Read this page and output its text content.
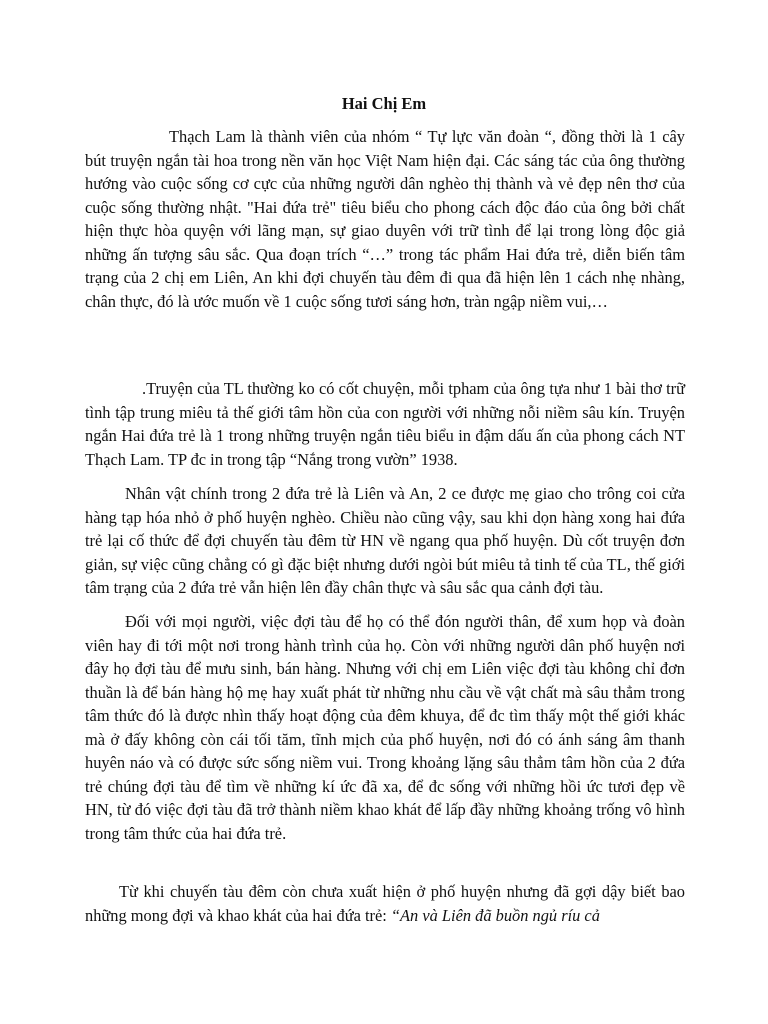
Hai Chị Em

Thạch Lam là thành viên của nhóm “ Tự lực văn đoàn “, đồng thời là 1 cây bút truyện ngắn tài hoa trong nền văn học Việt Nam hiện đại. Các sáng tác của ông thường hướng vào cuộc sống cơ cực của những người dân nghèo thị thành và vẻ đẹp nên thơ của cuộc sống thường nhật. "Hai đứa trẻ" tiêu biểu cho phong cách độc đáo của ông bởi chất hiện thực hòa quyện với lãng mạn, sự giao duyên với trữ tình để lại trong lòng độc giả những ấn tượng sâu sắc. Qua đoạn trích “…” trong tác phẩm Hai đứa trẻ, diễn biến tâm trạng của 2 chị em Liên, An khi đợi chuyến tàu đêm đi qua đã hiện lên 1 cách nhẹ nhàng, chân thực, đó là ước muốn về 1 cuộc sống tươi sáng hơn, tràn ngập niềm vui,…

.Truyện của TL thường ko có cốt chuyện, mỗi tpham của ông tựa như 1 bài thơ trữ tình tập trung miêu tả thế giới tâm hồn của con người với những nỗi niềm sâu kín. Truyện ngắn Hai đứa trẻ là 1 trong những truyện ngắn tiêu biểu in đậm dấu ấn của phong cách NT Thạch Lam. TP đc in trong tập “Nắng trong vườn” 1938.

Nhân vật chính trong 2 đứa trẻ là Liên và An, 2 ce được mẹ giao cho trông coi cửa hàng tạp hóa nhỏ ở phố huyện nghèo. Chiều nào cũng vậy, sau khi dọn hàng xong hai đứa trẻ lại cố thức để đợi chuyến tàu đêm từ HN về ngang qua phố huyện. Dù cốt truyện đơn giản, sự việc cũng chẳng có gì đặc biệt nhưng dưới ngòi bút miêu tả tinh tế của TL, thế giới tâm trạng của 2 đứa trẻ vẫn hiện lên đầy chân thực và sâu sắc qua cảnh đợi tàu.

Đối với mọi người, việc đợi tàu để họ có thể đón người thân, để xum họp và đoàn viên hay đi tới một nơi trong hành trình của họ. Còn với những người dân phố huyện nơi đây họ đợi tàu để mưu sinh, bán hàng. Nhưng với chị em Liên việc đợi tàu không chỉ đơn thuần là để bán hàng hộ mẹ hay xuất phát từ những nhu cầu về vật chất mà sâu thẳm trong tâm thức đó là được nhìn thấy hoạt động của đêm khuya, để đc tìm thấy một thế giới khác mà ở đấy không còn cái tối tăm, tĩnh mịch của phố huyện, nơi đó có ánh sáng âm thanh huyên náo và có được sức sống niềm vui. Trong khoảng lặng sâu thẳm tâm hồn của 2 đứa trẻ chúng đợi tàu để tìm về những kí ức đã xa, để đc sống với những hồi ức tươi đẹp về HN, từ đó việc đợi tàu đã trở thành niềm khao khát để lấp đầy những khoảng trống vô hình trong tâm thức của hai đứa trẻ.

Từ khi chuyến tàu đêm còn chưa xuất hiện ở phố huyện nhưng đã gợi dậy biết bao những mong đợi và khao khát của hai đứa trẻ: “An và Liên đã buồn ngủ ríu cả
